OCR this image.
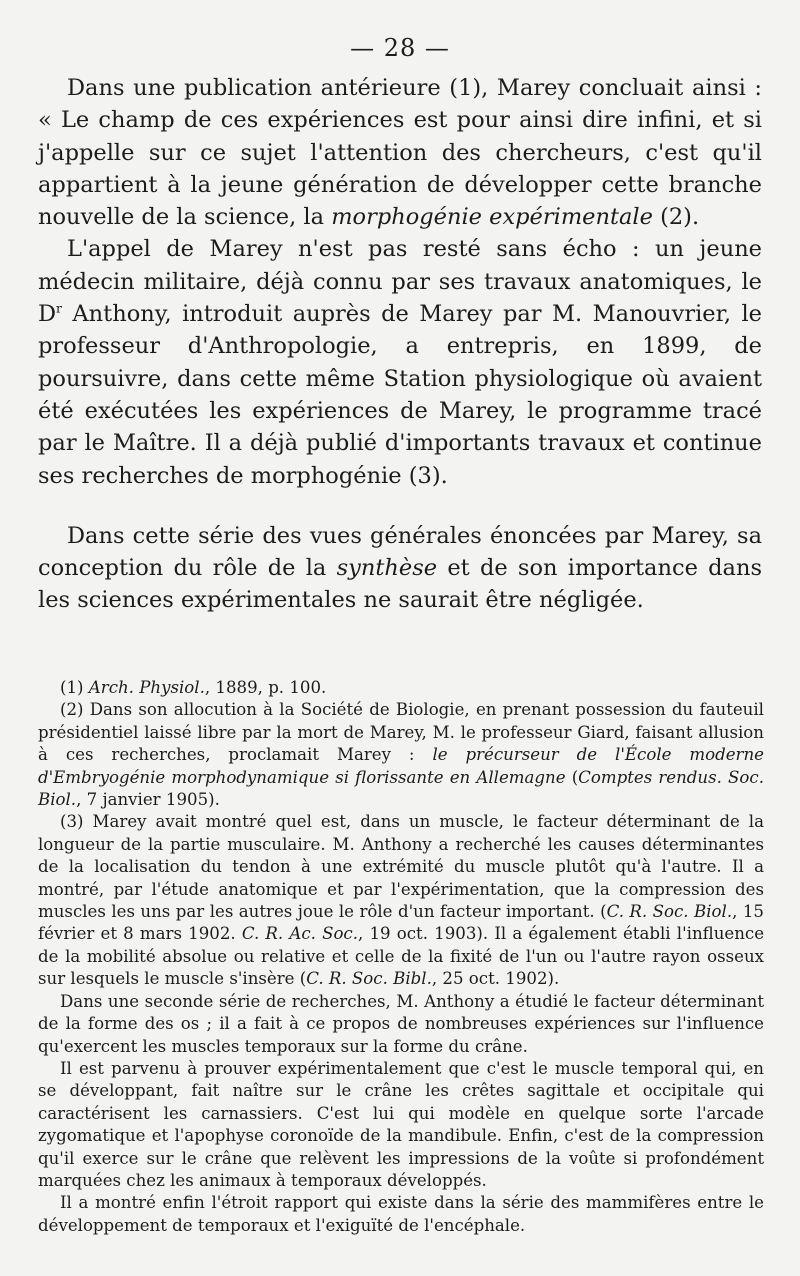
— 28 —

Dans une publication antérieure (1), Marey concluait ainsi : « Le champ de ces expériences est pour ainsi dire infini, et si j'appelle sur ce sujet l'attention des chercheurs, c'est qu'il appartient à la jeune génération de développer cette branche nouvelle de la science, la morphogénie expérimentale (2).

L'appel de Marey n'est pas resté sans écho : un jeune médecin militaire, déjà connu par ses travaux anatomiques, le $D^r$ Anthony, introduit auprès de Marey par M. Manouvrier, le professeur d'Anthropologie, a entrepris, en 1899, de poursuivre, dans cette même Station physiologique où avaient été exécutées les expériences de Marey, le programme tracé par le Maître. Il a déjà publié d'importants travaux et continue ses recherches de morphogénie (3).

Dans cette série des vues générales énoncées par Marey, sa conception du rôle de la synthèse et de son importance dans les sciences expérimentales ne saurait être négligée.

(1) Arch. Physiol., 1889, p. 100.

(2) Dans son allocution à la Société de Biologie, en prenant possession du fauteuil présidentiel laissé libre par la mort de Marey, M. le professeur Giard, faisant allusion à ces recherches, proclamait Marey : le précurseur de l'École moderne d'Embryogénie morphodynamique si florissante en Allemagne (Comptes rendus. Soc. Biol., 7 janvier 1905).

(3) Marey avait montré quel est, dans un muscle, le facteur déterminant de la longueur de la partie musculaire. M. Anthony a recherché les causes déterminantes de la localisation du tendon à une extrémité du muscle plutôt qu'à l'autre. Il a montré, par l'étude anatomique et par l'expérimentation, que la compression des muscles les uns par les autres joue le rôle d'un facteur important. (C. R. Soc. Biol., 15 février et 8 mars 1902. C. R. Ac. Soc., 19 oct. 1903). Il a également établi l'influence de la mobilité absolue ou relative et celle de la fixité de l'un ou l'autre rayon osseux sur lesquels le muscle s'insère (C. R. Soc. Bibl., 25 oct. 1902).

Dans une seconde série de recherches, M. Anthony a étudié le facteur déterminant de la forme des os ; il a fait à ce propos de nombreuses expériences sur l'influence qu'exercent les muscles temporaux sur la forme du crâne.

Il est parvenu à prouver expérimentalement que c'est le muscle temporal qui, en se développant, fait naître sur le crâne les crêtes sagittale et occipitale qui caractérisent les carnassiers. C'est lui qui modèle en quelque sorte l'arcade zygomatique et l'apophyse coronoïde de la mandibule. Enfin, c'est de la compression qu'il exerce sur le crâne que relèvent les impressions de la voûte si profondément marquées chez les animaux à temporaux développés.

Il a montré enfin l'étroit rapport qui existe dans la série des mammifères entre le développement de temporaux et l'exiguïté de l'encéphale.
